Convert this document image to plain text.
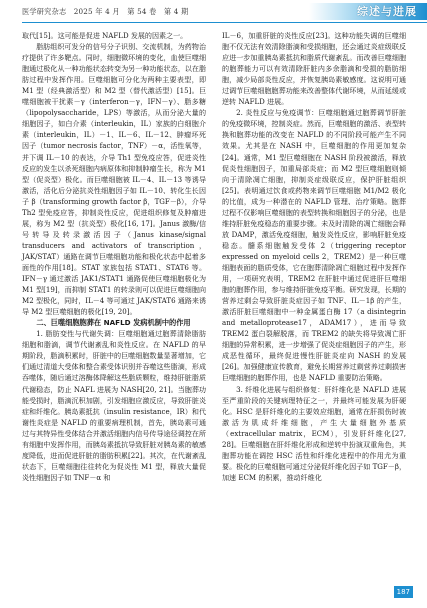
医学研究杂志　2025 年 4 月　第 54 卷　第 4 期	综述与进展

取代[15]。这可能是促进 NAFLD 发展的因素之一。

脂肪组织可发分的信号分子识别、交流机制，为药物治疗提供了许多靶点。同时，细胞微环境的变化，血使巨噬细胞通过极化从一种功能状态转变为另一种功能状态，以在脂肪过程中发挥作用。巨噬细胞可分化为两种主要表型，即 M1 型（经典激活型）和 M2 型（替代激活型）[15]。巨噬细胞被干扰素－γ（interferon－γ，IFN－γ）、脂多糖（lipopolysaccharide，LPS）等激活，从而分泌大量的细胞因子，如白介素（interleukin，IL）家族的白细胞介素（interleukin，IL）－1、IL－6、IL－12、肿瘤坏死因子（tumor necrosis factor，TNF）－α，活性氧等，并下调 IL－10 的表达，介导 Th1 型免疫应答，促进炎性反应的发生以杀死细胞内病原体和抑制肿瘤生长，称为 M1 型（促炎型）极化。而巨噬细胞被 IL－4、IL－13 等诱导激活，活化后分泌抗炎性细胞因子如 IL－10、转化生长因子 β（transforming growth factor β，TGF－β），介导 Th2 型免疫应答，抑制炎性反应，促进组织修复及肿瘤进展，称为 M2 型（抗炎型）极化[16, 17]。Janus 激酶/信号转导及转录激活因子（Janus kinase/signal transducers and activators of transcription，JAK/STAT）通路在调节巨噬细胞功能和极化状态中起着多面性的作用[18]。STAT 家族包括 STAT1、STAT6 等。IFN－γ 通过激活 JAK1/STAT1 通路促使巨噬细胞极化为 M1 型[19]，而抑制 STAT1 的转录则可以促进巨噬细胞向 M2 型极化，同时，IL－4 等可通过 JAK/STAT6 通路来诱导 M2 型巨噬细胞的极化[19, 20]。

二、巨噬细胞胞葬在 NAFLD 发病机制中的作用

1. 脂肪变性与代谢失调：巨噬细胞通过胞葬清除脂肪细胞和脂滴，调节代谢紊乱和炎性反应。在 NAFLD 的早期阶段，脂滴积累时，肝脏中的巨噬细胞数量显著增加，它们通过清道大受体和整合素受体识别并吞噬这些脂滴，形成吞噬体，随后通过溶酶体降解这些脂质颗粒，维持肝脏脂质代谢稳态，防止 NAFL 进展为 NASH[20, 21]。当胞葬功能受损时，脂滴沉积加剧，引发细胞应激反应，导致肝脏炎症和纤维化。胰岛素抵抗（insulin resistance，IR）和代谢性炎症是 NAFLD 的重要病理机制，首先，胰岛素可通过与其特异性受体结合并激活细胞内信号传导途径调控在所有细胞中发挥作用，而胰岛素抵抗导致肝脏对胰岛素的敏感度降低，进而促进肝脏的脂肪积累[22]。其次，在代谢紊乱状态下，巨噬细胞往往转化为促炎性 M1 型，释放大量促炎性细胞因子如 TNF－α 和

IL－6，加重肝脏的炎性反应[23]。这种功能失调的巨噬细胞不仅无法有效清除脂滴和受损细胞，还会通过炎症级联反应进一步加重胰岛素抵抗和脂质代谢紊乱。而改善巨噬细胞的胞葬能力可以有效清除肝脏内多余脂滴和受损的脂肪细胞，减少局部炎性反应，并恢复胰岛素敏感度。这说明可通过调节巨噬细胞胞葬功能来改善整体代谢环境，从而延缓或逆转 NAFLD 进展。

2. 炎性反应与免疫调节：巨噬细胞通过胞葬调节肝脏的免疫微环境，控制炎症。然而，巨噬细胞的激活、表型转换和胞葬功能的改变在 NAFLD 的不同阶段可能产生不同效果。尤其是在 NASH 中，巨噬细胞的作用更加复杂[24]。通常，M1 型巨噬细胞在 NASH 阶段被激活，释放促炎性细胞因子，加重局部炎症；而 M2 型巨噬细胞则倾向于清除凋亡细胞，抑制炎症级联反应，保护肝脏组织[25]。表明通过饮食或药物来调节巨噬细胞 M1/M2 极化的比值，成为一种潜在的 NAFLD 管理、治疗策略。胞葬过程不仅影响巨噬细胞的表型转换和细胞因子的分泌，也是维持肝脏免疫稳态的重要步骤。未及时清除的凋亡细胞会释放 DAMP，激活免疫细胞，触发炎性反应，影响肝脏免疫稳态。髓系细胞触发受体 2（triggering receptor expressed on myeloid cells 2，TREM2）是一种巨噬细胞表面的脂质受体，它在胞葬清除凋亡细胞过程中发挥作用，一项研究表明，TREM2 在肝脏中通过促进肝巨噬细胞的胞葬作用，参与维持肝脏免疫平衡。研究发现，长期的营养过剩会导致肝脏炎症因子如 TNF、IL－1β 的产生，激活肝脏巨噬细胞中一种金属蛋白酶 17（a disintegrin and metalloprotease17，ADAM17），进而导致 TREM2 蛋白裂解脱落，而 TREM2 的缺失将导致凋亡肝细胞的异常积累，进一步增强了促炎症细胞因子的产生，形成恶性循环，最终促进慢性肝脏炎症向 NASH 的发展[26]。加强健康宣传教育，避免长期营养过剩营养过剩损害巨噬细胞的胞葬作用，也是 NAFLD 重要防治策略。

3. 纤维化进展与组织修复：肝纤维化是 NAFLD 进展至严重阶段的关键病理特征之一，并最终可能发展为肝硬化。HSC 是肝纤维化的主要效应细胞，通常在肝损伤时被激活为肌成纤维细胞，产生大量细胞外基质（extracellular matrix，ECM），引发肝纤维化[27, 28]。巨噬细胞在肝纤维化形成和逆转中扮演双重角色，其胞葬功能在调控 HSC 活性和纤维化进程中的作用尤为重要。极化的巨噬细胞可通过分泌促纤维化因子如 TGF－β，加速 ECM 的积累，推动纤维化

187
